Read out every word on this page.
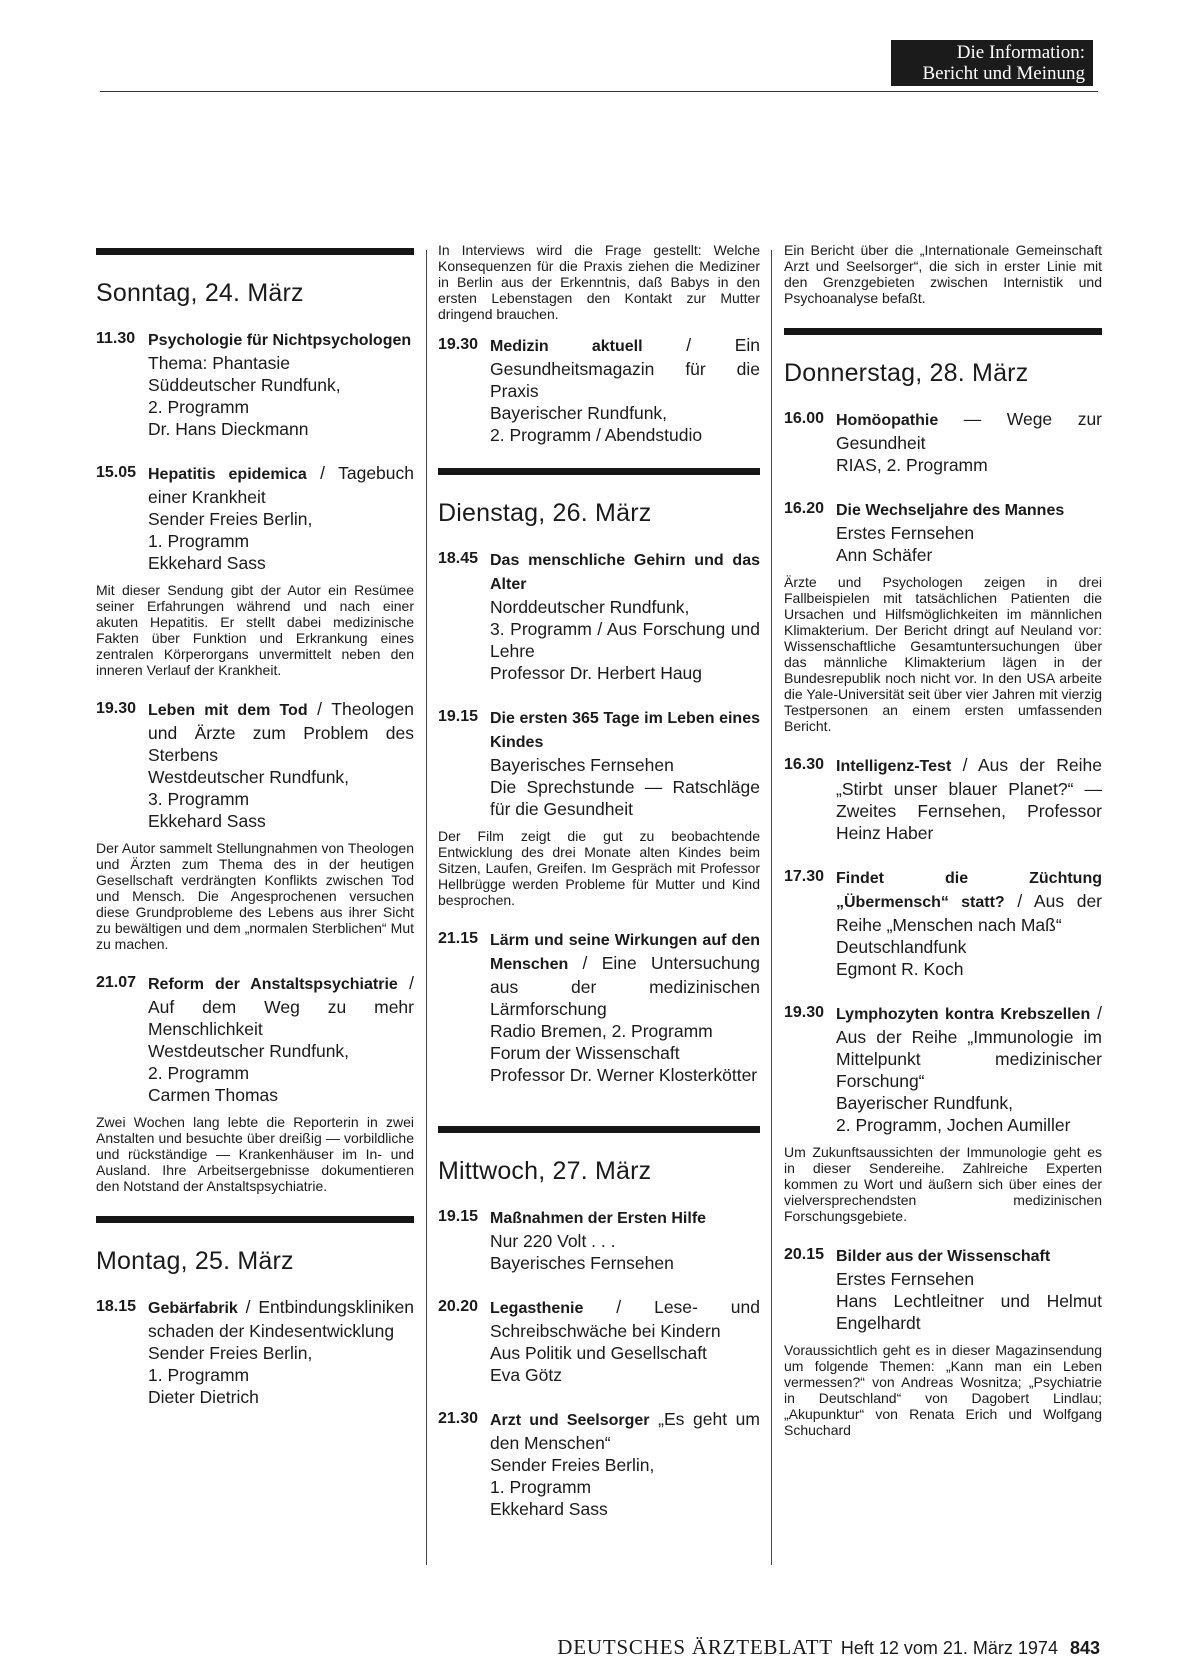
Die Information:
Bericht und Meinung
Sonntag, 24. März
11.30 Psychologie für Nichtpsychologen
Thema: Phantasie
Süddeutscher Rundfunk,
2. Programm
Dr. Hans Dieckmann
15.05 Hepatitis epidemica / Tagebuch einer Krankheit
Sender Freies Berlin,
1. Programm
Ekkehard Sass
Mit dieser Sendung gibt der Autor ein Resümee seiner Erfahrungen während und nach einer akuten Hepatitis. Er stellt dabei medizinische Fakten über Funktion und Erkrankung eines zentralen Körperorgans unvermittelt neben den inneren Verlauf der Krankheit.
19.30 Leben mit dem Tod / Theologen und Ärzte zum Problem des Sterbens
Westdeutscher Rundfunk,
3. Programm
Ekkehard Sass
Der Autor sammelt Stellungnahmen von Theologen und Ärzten zum Thema des in der heutigen Gesellschaft verdrängten Konflikts zwischen Tod und Mensch. Die Angesprochenen versuchen diese Grundprobleme des Lebens aus ihrer Sicht zu bewältigen und dem „normalen Sterblichen“ Mut zu machen.
21.07 Reform der Anstaltspsychiatrie / Auf dem Weg zu mehr Menschlichkeit
Westdeutscher Rundfunk,
2. Programm
Carmen Thomas
Zwei Wochen lang lebte die Reporterin in zwei Anstalten und besuchte über dreißig — vorbildliche und rückständige — Krankenhäuser im In- und Ausland. Ihre Arbeitsergebnisse dokumentieren den Notstand der Anstaltspsychiatrie.
Montag, 25. März
18.15 Gebärfabrik / Entbindungskliniken schaden der Kindesentwicklung
Sender Freies Berlin,
1. Programm
Dieter Dietrich
In Interviews wird die Frage gestellt: Welche Konsequenzen für die Praxis ziehen die Mediziner in Berlin aus der Erkenntnis, daß Babys in den ersten Lebenstagen den Kontakt zur Mutter dringend brauchen.
19.30 Medizin aktuell / Ein Gesundheitsmagazin für die Praxis
Bayerischer Rundfunk,
2. Programm / Abendstudio
Dienstag, 26. März
18.45 Das menschliche Gehirn und das Alter
Norddeutscher Rundfunk,
3. Programm / Aus Forschung und Lehre
Professor Dr. Herbert Haug
19.15 Die ersten 365 Tage im Leben eines Kindes
Bayerisches Fernsehen
Die Sprechstunde — Ratschläge für die Gesundheit
Der Film zeigt die gut zu beobachtende Entwicklung des drei Monate alten Kindes beim Sitzen, Laufen, Greifen. Im Gespräch mit Professor Hellbrügge werden Probleme für Mutter und Kind besprochen.
21.15 Lärm und seine Wirkungen auf den Menschen / Eine Untersuchung aus der medizinischen Lärmforschung
Radio Bremen, 2. Programm
Forum der Wissenschaft
Professor Dr. Werner Klosterkötter
Mittwoch, 27. März
19.15 Maßnahmen der Ersten Hilfe
Nur 220 Volt . . .
Bayerisches Fernsehen
20.20 Legasthenie / Lese- und Schreibschwäche bei Kindern
Aus Politik und Gesellschaft
Eva Götz
21.30 Arzt und Seelsorger „Es geht um den Menschen“
Sender Freies Berlin,
1. Programm
Ekkehard Sass
Ein Bericht über die „Internationale Gemeinschaft Arzt und Seelsorger“, die sich in erster Linie mit den Grenzgebieten zwischen Internistik und Psychoanalyse befaßt.
Donnerstag, 28. März
16.00 Homöopathie — Wege zur Gesundheit
RIAS, 2. Programm
16.20 Die Wechseljahre des Mannes
Erstes Fernsehen
Ann Schäfer
Ärzte und Psychologen zeigen in drei Fallbeispielen mit tatsächlichen Patienten die Ursachen und Hilfsmöglichkeiten im männlichen Klimakterium. Der Bericht dringt auf Neuland vor: Wissenschaftliche Gesamtuntersuchungen über das männliche Klimakterium lägen in der Bundesrepublik noch nicht vor. In den USA arbeite die Yale-Universität seit über vier Jahren mit vierzig Testpersonen an einem ersten umfassenden Bericht.
16.30 Intelligenz-Test / Aus der Reihe „Stirbt unser blauer Planet?“ — Zweites Fernsehen, Professor Heinz Haber
17.30 Findet die Züchtung „Übermensch“ statt? / Aus der Reihe „Menschen nach Maß“
Deutschlandfunk
Egmont R. Koch
19.30 Lymphozyten kontra Krebszellen / Aus der Reihe „Immunologie im Mittelpunkt medizinischer Forschung“
Bayerischer Rundfunk,
2. Programm, Jochen Aumiller
Um Zukunftsaussichten der Immunologie geht es in dieser Sendereihe. Zahlreiche Experten kommen zu Wort und äußern sich über eines der vielversprechendsten medizinischen Forschungsgebiete.
20.15 Bilder aus der Wissenschaft
Erstes Fernsehen
Hans Lechtleitner und Helmut Engelhardt
Voraussichtlich geht es in dieser Magazinsendung um folgende Themen: „Kann man ein Leben vermessen?“ von Andreas Wosnitza; „Psychiatrie in Deutschland“ von Dagobert Lindlau; „Akupunktur“ von Renata Erich und Wolfgang Schuchard
DEUTSCHES ÄRZTEBLATT Heft 12 vom 21. März 1974 843
